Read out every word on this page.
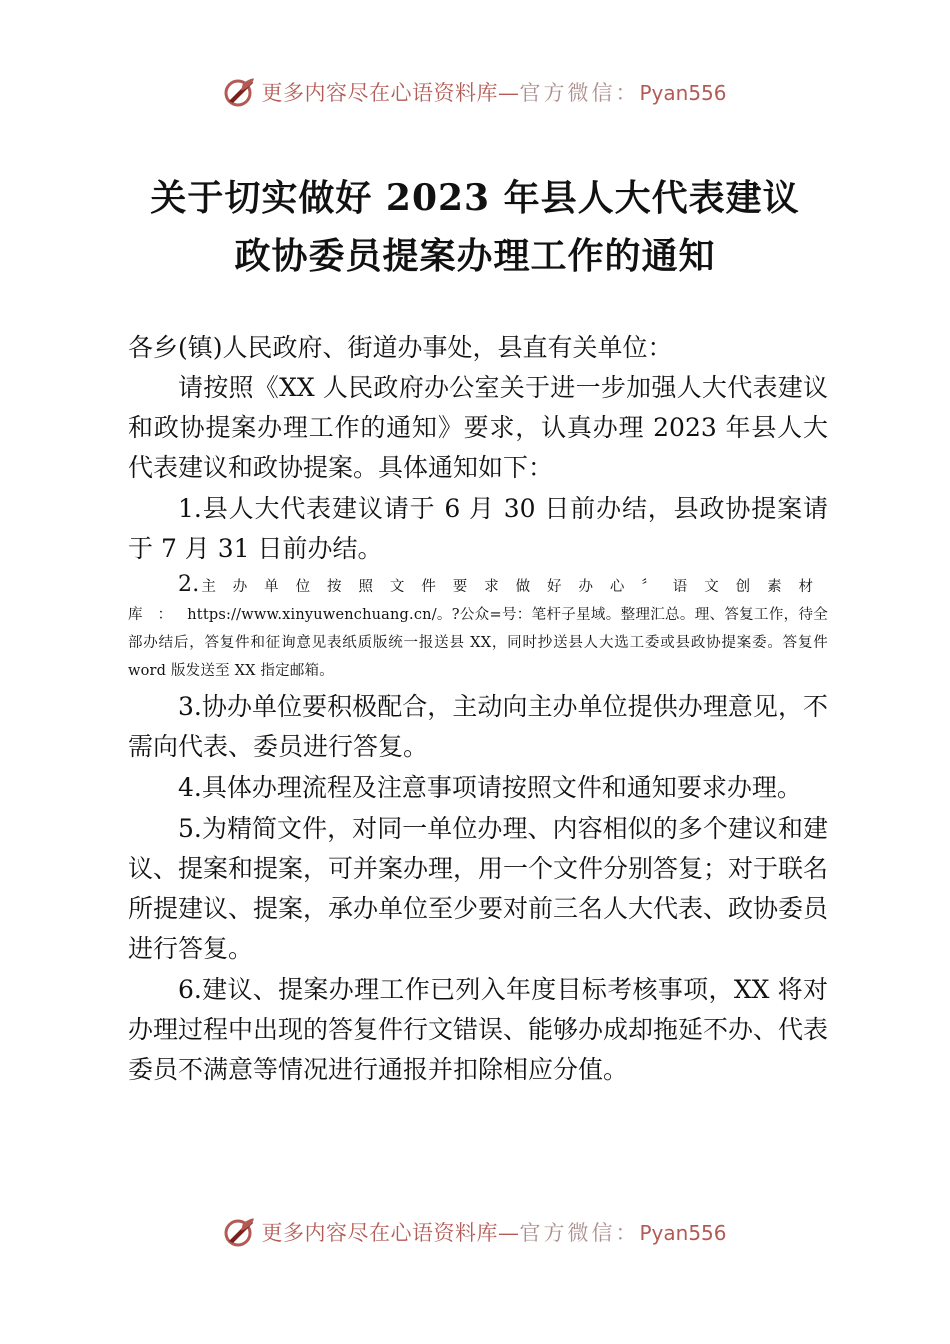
更多内容尽在心语资料库—官方微信：Pyan556
关于切实做好 2023 年县人大代表建议
政协委员提案办理工作的通知

各乡(镇)人民政府、街道办事处，县直有关单位：

请按照《XX 人民政府办公室关于进一步加强人大代表建议和政协提案办理工作的通知》要求，认真办理 2023 年县人大代表建议和政协提案。具体通知如下：

1.县人大代表建议请于 6 月 30 日前办结，县政协提案请于 7 月 31 日前办结。

2.主办单位按照文件要求做好办心〞语文创素材库：https://www.xinyuwenchuang.cn/。?公众=号：笔杆子星域。整理汇总。理、答复工作，待全部办结后，答复件和征询意见表纸质版统一报送县 XX，同时抄送县人大选工委或县政协提案委。答复件 word 版发送至 XX 指定邮箱。

3.协办单位要积极配合，主动向主办单位提供办理意见，不需向代表、委员进行答复。

4.具体办理流程及注意事项请按照文件和通知要求办理。

5.为精简文件，对同一单位办理、内容相似的多个建议和建议、提案和提案，可并案办理，用一个文件分别答复；对于联名所提建议、提案，承办单位至少要对前三名人大代表、政协委员进行答复。

6.建议、提案办理工作已列入年度目标考核事项，XX 将对办理过程中出现的答复件行文错误、能够办成却拖延不办、代表委员不满意等情况进行通报并扣除相应分值。

更多内容尽在心语资料库—官方微信：Pyan556
